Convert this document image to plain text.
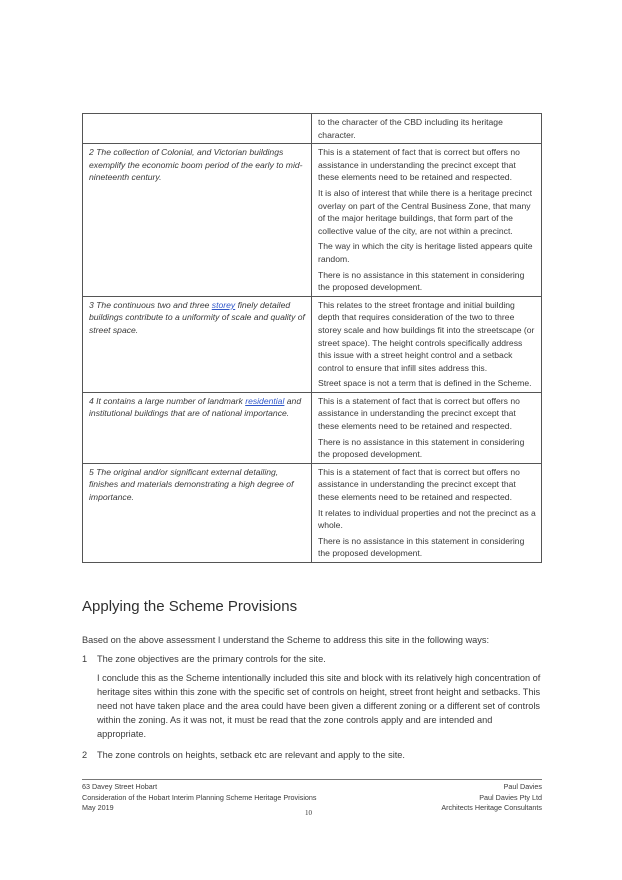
	to the character of the CBD including its heritage character.

2 The collection of Colonial, and Victorian buildings exemplify the economic boom period of the early to mid-nineteenth century.	This is a statement of fact that is correct but offers no assistance in understanding the precinct except that these elements need to be retained and respected.

It is also of interest that while there is a heritage precinct overlay on part of the Central Business Zone, that many of the major heritage buildings, that form part of the collective value of the city, are not within a precinct.

The way in which the city is heritage listed appears quite random.

There is no assistance in this statement in considering the proposed development.

3 The continuous two and three storey finely detailed buildings contribute to a uniformity of scale and quality of street space.	This relates to the street frontage and initial building depth that requires consideration of the two to three storey scale and how buildings fit into the streetscape (or street space). The height controls specifically address this issue with a street height control and a setback control to ensure that infill sites address this.

Street space is not a term that is defined in the Scheme.

4 It contains a large number of landmark residential and institutional buildings that are of national importance.	This is a statement of fact that is correct but offers no assistance in understanding the precinct except that these elements need to be retained and respected.

There is no assistance in this statement in considering the proposed development.

5 The original and/or significant external detailing, finishes and materials demonstrating a high degree of importance.	This is a statement of fact that is correct but offers no assistance in understanding the precinct except that these elements need to be retained and respected.

It relates to individual properties and not the precinct as a whole.

There is no assistance in this statement in considering the proposed development.

Applying the Scheme Provisions

Based on the above assessment I understand the Scheme to address this site in the following ways:

1 The zone objectives are the primary controls for the site.

I conclude this as the Scheme intentionally included this site and block with its relatively high concentration of heritage sites within this zone with the specific set of controls on height, street front height and setbacks. This need not have taken place and the area could have been given a different zoning or a different set of controls within the zoning. As it was not, it must be read that the zone controls apply and are intended and appropriate.

2 The zone controls on heights, setback etc are relevant and apply to the site.
63 Davey Street Hobart
Consideration of the Hobart Interim Planning Scheme Heritage Provisions
May 2019
Paul Davies
Paul Davies Pty Ltd
Architects Heritage Consultants
10
